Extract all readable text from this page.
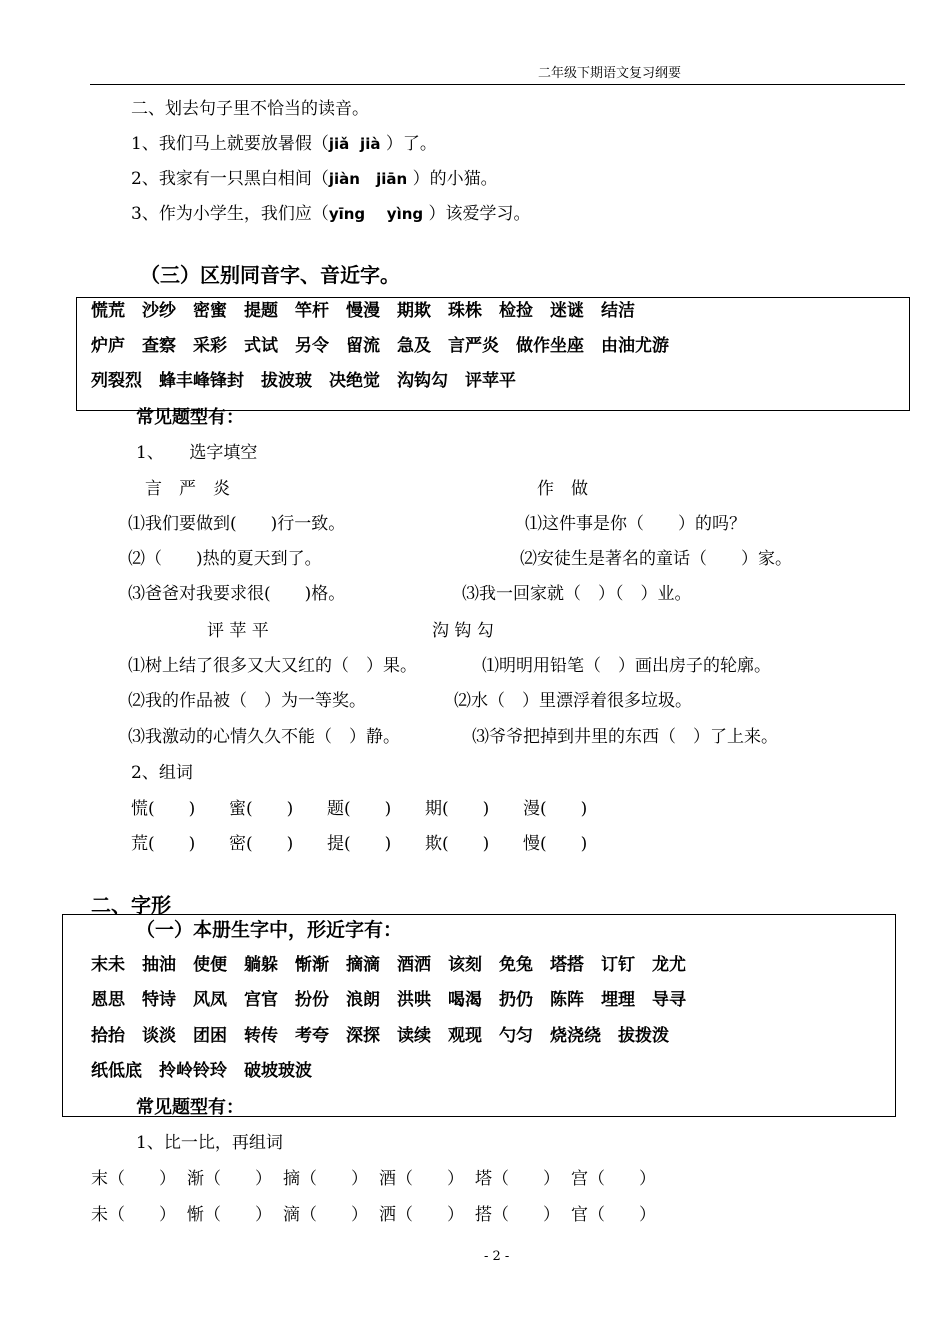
二年级下期语文复习纲要
二、划去句子里不恰当的读音。
1、我们马上就要放暑假（jiǎ jià ）了。
2、我家有一只黑白相间（jiàn jiān ）的小猫。
3、作为小学生，我们应（yīng yìng ）该爱学习。
（三）区别同音字、音近字。
慌荒　沙纱　密蜜　提题　竿杆　慢漫　期欺　珠株　检捡　迷谜　结洁
炉庐　查察　采彩　式试　另令　留流　急及　言严炎　做作坐座　由油尤游
列裂烈　蜂丰峰锋封　拔波玻　决绝觉　沟钩勾　评苹平
常见题型有：
1、　　选字填空
言　严　炎	作　做
⑴我们要做到(　　)行一致。
⑵（　　)热的夏天到了。
⑶爸爸对我要求很(　　)格。
⑴这件事是你（　　）的吗？
⑵安徒生是著名的童话（　　）家。
⑶我一回家就（　）（　）业。
评 苹 平	沟 钩 勾
⑴树上结了很多又大又红的（　）果。
⑵我的作品被（　）为一等奖。
⑶我激动的心情久久不能（　）静。
⑴明明用铅笔（　）画出房子的轮廓。
⑵水（　）里漂浮着很多垃圾。
⑶爷爷把掉到井里的东西（　）了上来。
2、组词
慌(　　) 蜜(　　) 题(　　) 期(　　) 漫(　　)
荒(　　) 密(　　) 提(　　) 欺(　　) 慢(　　)
二、字形
（一）本册生字中，形近字有：
末未　抽油　使便　躺躲　惭渐　摘滴　酒洒　该刻　免兔　塔搭　订钉　龙尤
恩思　特诗　风凤　宫官　扮份　浪朗　洪哄　喝渴　扔仍　陈阵　埋理　导寻
拾抬　谈淡　团困　转传　考夸　深探　读续　观现　勺匀　烧浇绕　拔拨泼
纸低底　拎岭铃玲　破坡玻波
常见题型有：
1、比一比，再组词
末（　　） 渐（　　） 摘（　　） 酒（　　） 塔（　　） 宫（　　）
未（　　） 惭（　　） 滴（　　） 洒（　　） 搭（　　） 官（　　）
- 2 -
